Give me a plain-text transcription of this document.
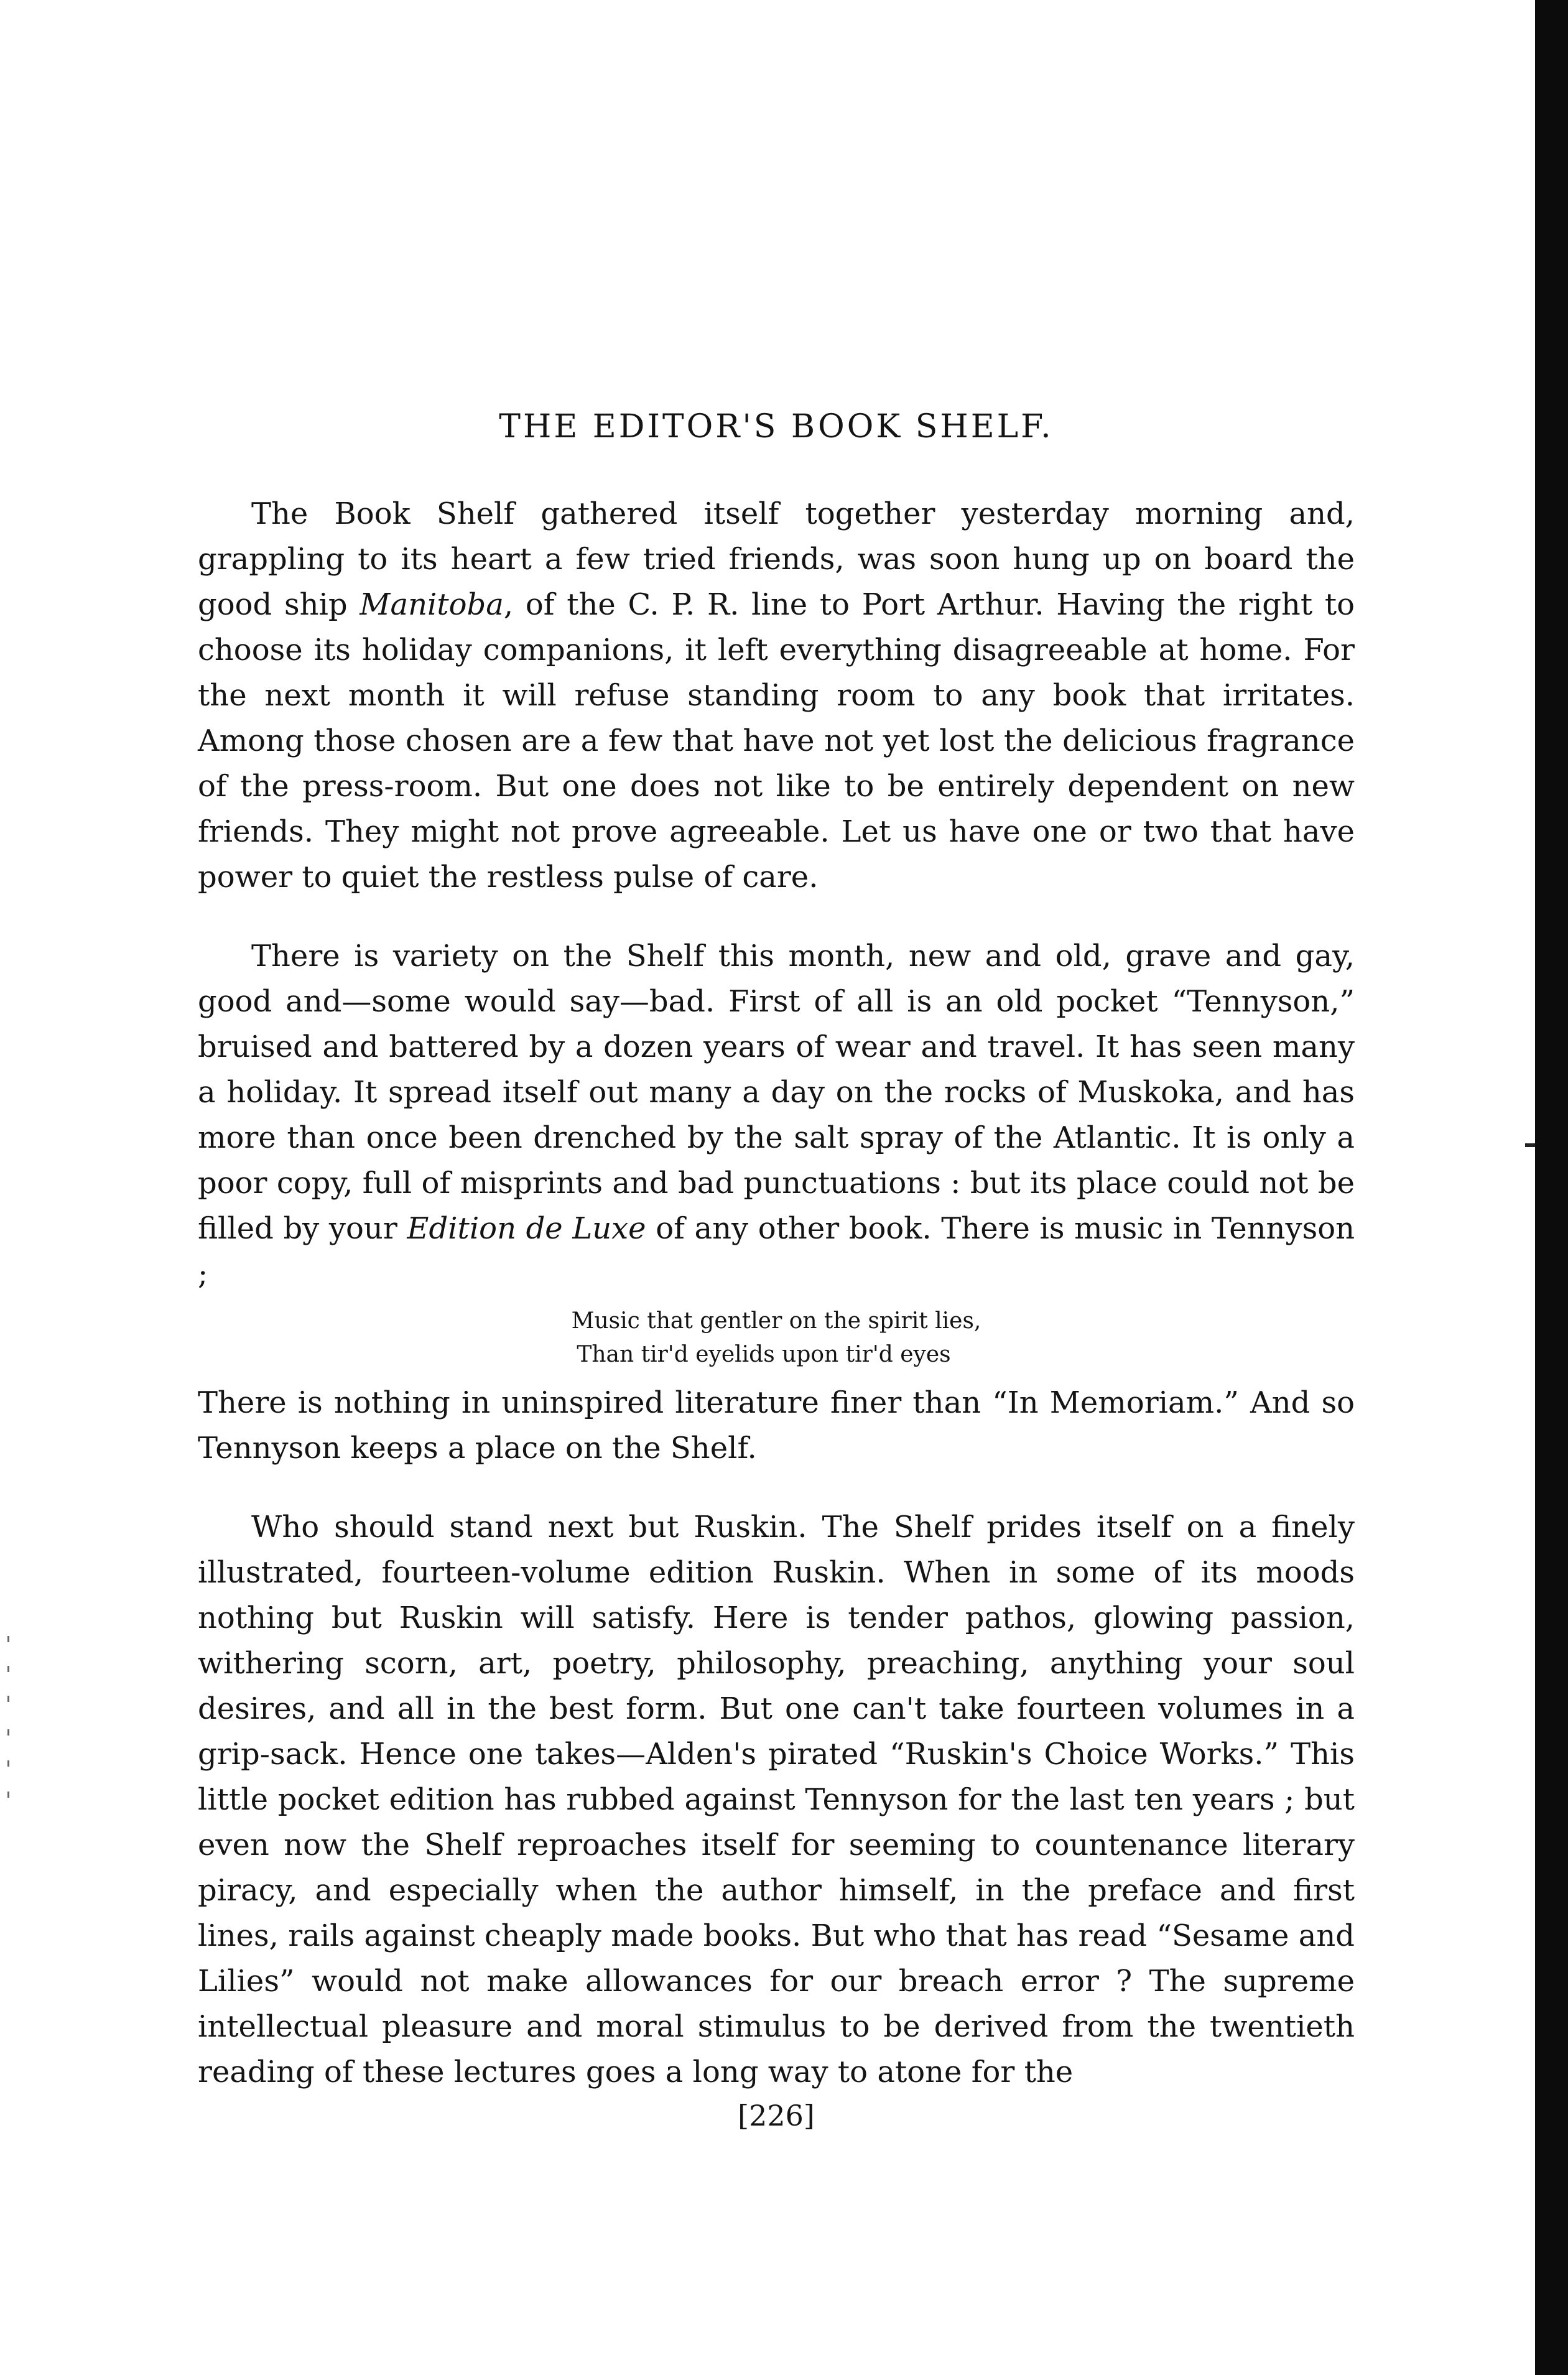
THE EDITOR'S BOOK SHELF.

The Book Shelf gathered itself together yesterday morning and, grappling to its heart a few tried friends, was soon hung up on board the good ship Manitoba, of the C. P. R. line to Port Arthur. Having the right to choose its holiday companions, it left everything disagreeable at home. For the next month it will refuse standing room to any book that irritates. Among those chosen are a few that have not yet lost the delicious fragrance of the press-room. But one does not like to be entirely dependent on new friends. They might not prove agreeable. Let us have one or two that have power to quiet the restless pulse of care.

There is variety on the Shelf this month, new and old, grave and gay, good and—some would say—bad. First of all is an old pocket “Tennyson,” bruised and battered by a dozen years of wear and travel. It has seen many a holiday. It spread itself out many a day on the rocks of Muskoka, and has more than once been drenched by the salt spray of the Atlantic. It is only a poor copy, full of misprints and bad punctuations : but its place could not be filled by your Edition de Luxe of any other book. There is music in Tennyson ;

Music that gentler on the spirit lies,
Than tir'd eyelids upon tir'd eyes

There is nothing in uninspired literature finer than “In Memoriam.” And so Tennyson keeps a place on the Shelf.

Who should stand next but Ruskin. The Shelf prides itself on a finely illustrated, fourteen-volume edition Ruskin. When in some of its moods nothing but Ruskin will satisfy. Here is tender pathos, glowing passion, withering scorn, art, poetry, philosophy, preaching, anything your soul desires, and all in the best form. But one can't take fourteen volumes in a grip-sack. Hence one takes—Alden's pirated “Ruskin's Choice Works.” This little pocket edition has rubbed against Tennyson for the last ten years ; but even now the Shelf reproaches itself for seeming to countenance literary piracy, and especially when the author himself, in the preface and first lines, rails against cheaply made books. But who that has read “Sesame and Lilies” would not make allowances for our breach error ? The supreme intellectual pleasure and moral stimulus to be derived from the twentieth reading of these lectures goes a long way to atone for the

[226]
